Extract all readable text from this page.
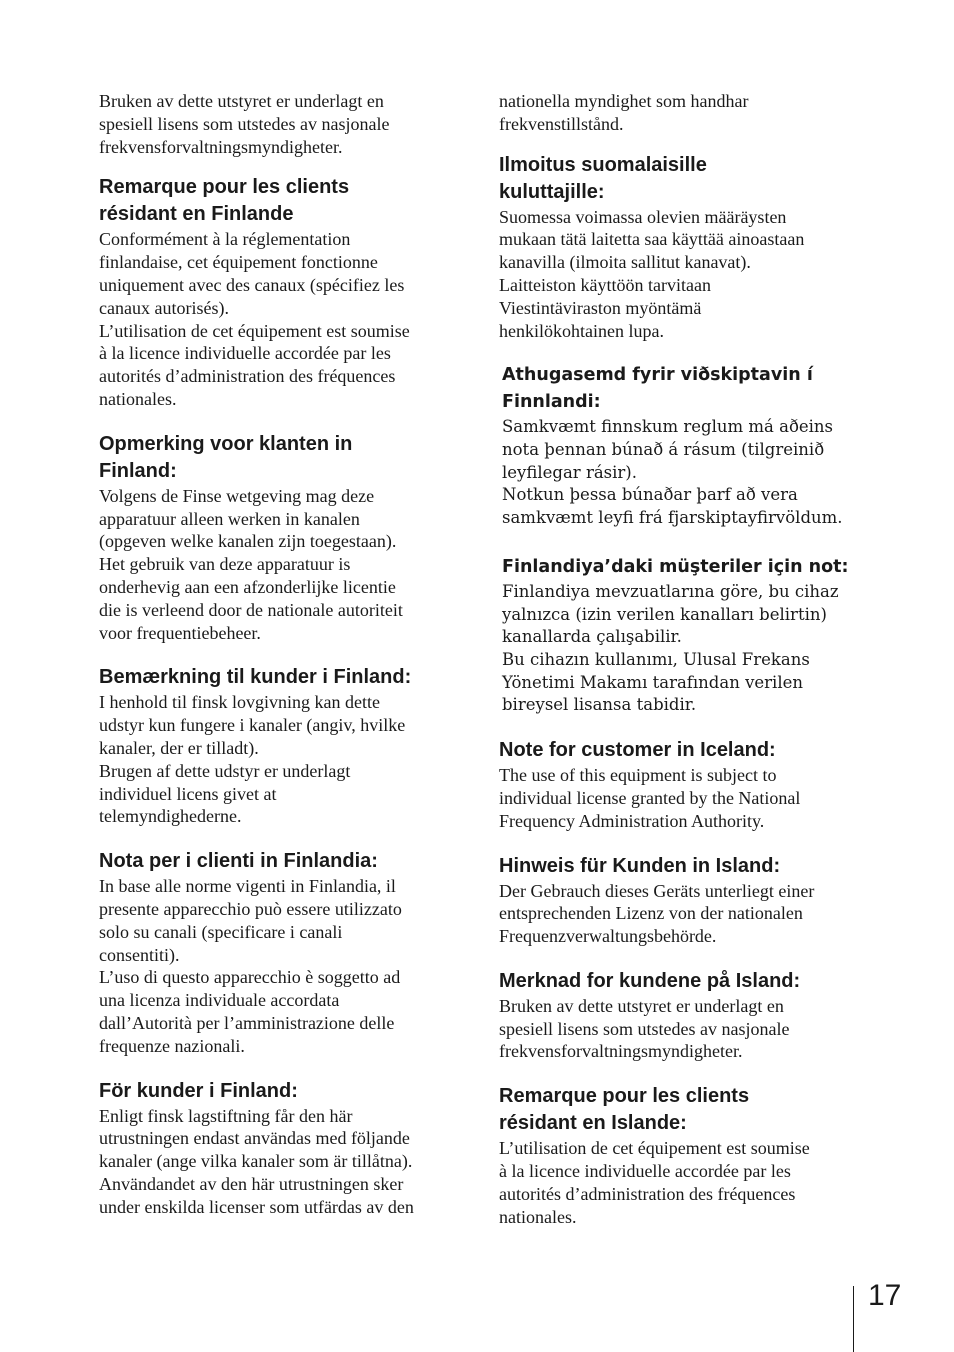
Bruken av dette utstyret er underlagt en
spesiell lisens som utstedes av nasjonale
frekvensforvaltningsmyndigheter.

Remarque pour les clients
résidant en Finlande

Conformément à la réglementation
finlandaise, cet équipement fonctionne
uniquement avec des canaux (spécifiez les
canaux autorisés).
L’utilisation de cet équipement est soumise
à la licence individuelle accordée par les
autorités d’administration des fréquences
nationales.

Opmerking voor klanten in
Finland:

Volgens de Finse wetgeving mag deze
apparatuur alleen werken in kanalen
(opgeven welke kanalen zijn toegestaan).
Het gebruik van deze apparatuur is
onderhevig aan een afzonderlijke licentie
die is verleend door de nationale autoriteit
voor frequentiebeheer.

Bemærkning til kunder i Finland:

I henhold til finsk lovgivning kan dette
udstyr kun fungere i kanaler (angiv, hvilke
kanaler, der er tilladt).
Brugen af dette udstyr er underlagt
individuel licens givet at
telemyndighederne.

Nota per i clienti in Finlandia:

In base alle norme vigenti in Finlandia, il
presente apparecchio può essere utilizzato
solo su canali (specificare i canali
consentiti).
L’uso di questo apparecchio è soggetto ad
una licenza individuale accordata
dall’Autorità per l’amministrazione delle
frequenze nazionali.

För kunder i Finland:

Enligt finsk lagstiftning får den här
utrustningen endast användas med följande
kanaler (ange vilka kanaler som är tillåtna).
Användandet av den här utrustningen sker
under enskilda licenser som utfärdas av den

nationella myndighet som handhar
frekvenstillstånd.

Ilmoitus suomalaisille
kuluttajille:

Suomessa voimassa olevien määräysten
mukaan tätä laitetta saa käyttää ainoastaan
kanavilla (ilmoita sallitut kanavat).
Laitteiston käyttöön tarvitaan
Viestintäviraston myöntämä
henkilökohtainen lupa.

Athugasemd fyrir viðskiptavin í
Finnlandi:

Samkvæmt finnskum reglum má aðeins
nota þennan búnað á rásum (tilgreinið
leyfilegar rásir).
Notkun þessa búnaðar þarf að vera
samkvæmt leyfi frá fjarskiptayfirvöldum.

Finlandiya’daki müşteriler için not:

Finlandiya mevzuatlarına göre, bu cihaz
yalnızca (izin verilen kanalları belirtin)
kanallarda çalışabilir.
Bu cihazın kullanımı, Ulusal Frekans
Yönetimi Makamı tarafından verilen
bireysel lisansa tabidir.

Note for customer in Iceland:

The use of this equipment is subject to
individual license granted by the National
Frequency Administration Authority.

Hinweis für Kunden in Island:

Der Gebrauch dieses Geräts unterliegt einer
entsprechenden Lizenz von der nationalen
Frequenzverwaltungsbehörde.

Merknad for kundene på Island:

Bruken av dette utstyret er underlagt en
spesiell lisens som utstedes av nasjonale
frekvensforvaltningsmyndigheter.

Remarque pour les clients
résidant en Islande:

L’utilisation de cet équipement est soumise
à la licence individuelle accordée par les
autorités d’administration des fréquences
nationales.

17
